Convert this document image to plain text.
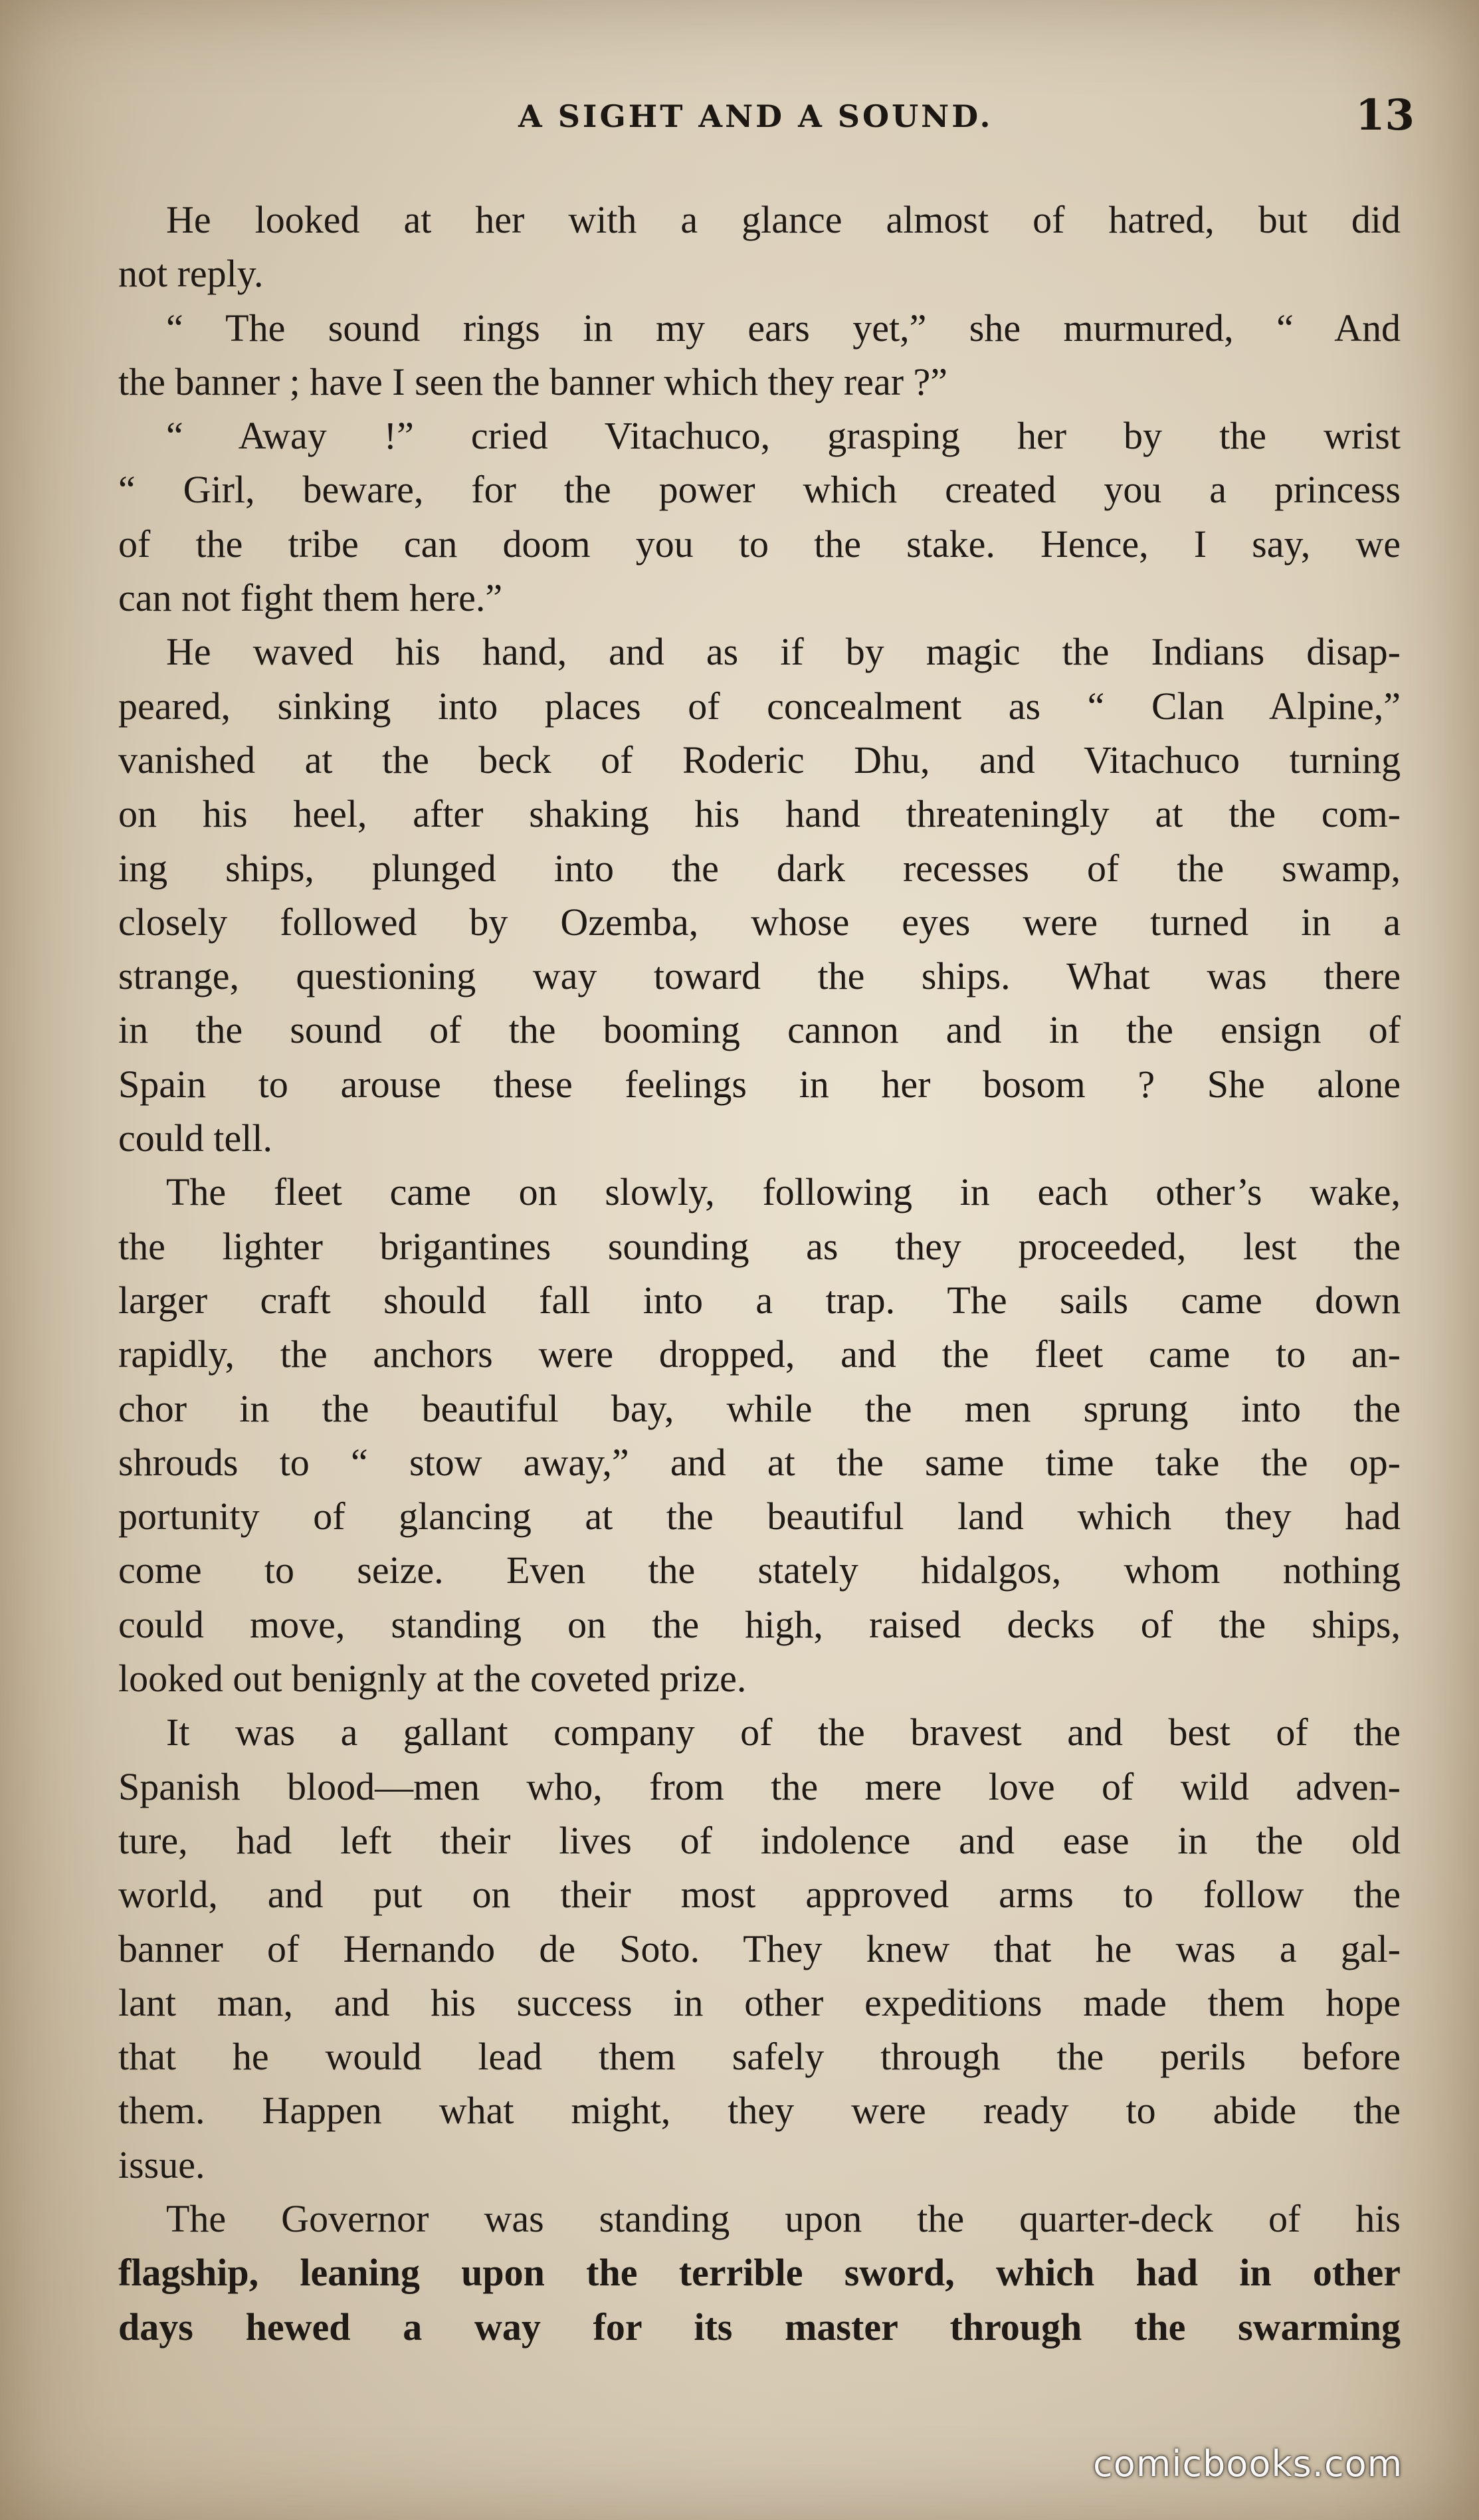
A SIGHT AND A SOUND.	13
He looked at her with a glance almost of hatred, but did
not reply.
“ The sound rings in my ears yet,” she murmured, “ And
the banner ; have I seen the banner which they rear ?”
“ Away !” cried Vitachuco, grasping her by the wrist
“ Girl, beware, for the power which created you a princess
of the tribe can doom you to the stake. Hence, I say, we
can not fight them here.”
He waved his hand, and as if by magic the Indians disap-
peared, sinking into places of concealment as “ Clan Alpine,”
vanished at the beck of Roderic Dhu, and Vitachuco turning
on his heel, after shaking his hand threateningly at the com-
ing ships, plunged into the dark recesses of the swamp,
closely followed by Ozemba, whose eyes were turned in a
strange, questioning way toward the ships. What was there
in the sound of the booming cannon and in the ensign of
Spain to arouse these feelings in her bosom ? She alone
could tell.
The fleet came on slowly, following in each other’s wake,
the lighter brigantines sounding as they proceeded, lest the
larger craft should fall into a trap. The sails came down
rapidly, the anchors were dropped, and the fleet came to an-
chor in the beautiful bay, while the men sprung into the
shrouds to “ stow away,” and at the same time take the op-
portunity of glancing at the beautiful land which they had
come to seize. Even the stately hidalgos, whom nothing
could move, standing on the high, raised decks of the ships,
looked out benignly at the coveted prize.
It was a gallant company of the bravest and best of the
Spanish blood—men who, from the mere love of wild adven-
ture, had left their lives of indolence and ease in the old
world, and put on their most approved arms to follow the
banner of Hernando de Soto. They knew that he was a gal-
lant man, and his success in other expeditions made them hope
that he would lead them safely through the perils before
them. Happen what might, they were ready to abide the
issue.
The Governor was standing upon the quarter-deck of his
flagship, leaning upon the terrible sword, which had in other
days hewed a way for its master through the swarming
comicbooks.com
